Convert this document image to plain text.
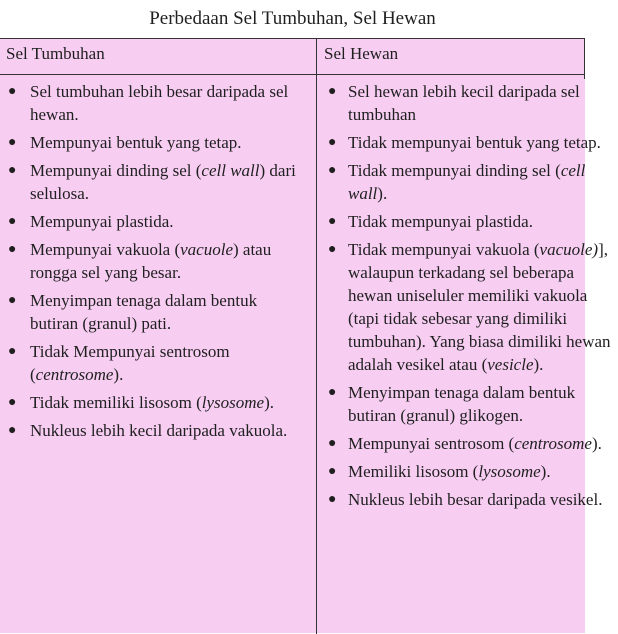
Perbedaan Sel Tumbuhan, Sel Hewan
Sel Tumbuhan	Sel Hewan
● Sel tumbuhan lebih besar daripada sel hewan.
● Mempunyai bentuk yang tetap.
● Mempunyai dinding sel (cell wall) dari selulosa.
● Mempunyai plastida.
● Mempunyai vakuola (vacuole) atau rongga sel yang besar.
● Menyimpan tenaga dalam bentuk butiran (granul) pati.
● Tidak Mempunyai sentrosom (centrosome).
● Tidak memiliki lisosom (lysosome).
● Nukleus lebih kecil daripada vakuola.
● Sel hewan lebih kecil daripada sel tumbuhan
● Tidak mempunyai bentuk yang tetap.
● Tidak mempunyai dinding sel (cell wall).
● Tidak mempunyai plastida.
● Tidak mempunyai vakuola (vacuole)], walaupun terkadang sel beberapa hewan uniseluler memiliki vakuola (tapi tidak sebesar yang dimiliki tumbuhan). Yang biasa dimiliki hewan adalah vesikel atau (vesicle).
● Menyimpan tenaga dalam bentuk butiran (granul) glikogen.
● Mempunyai sentrosom (centrosome).
● Memiliki lisosom (lysosome).
● Nukleus lebih besar daripada vesikel.
